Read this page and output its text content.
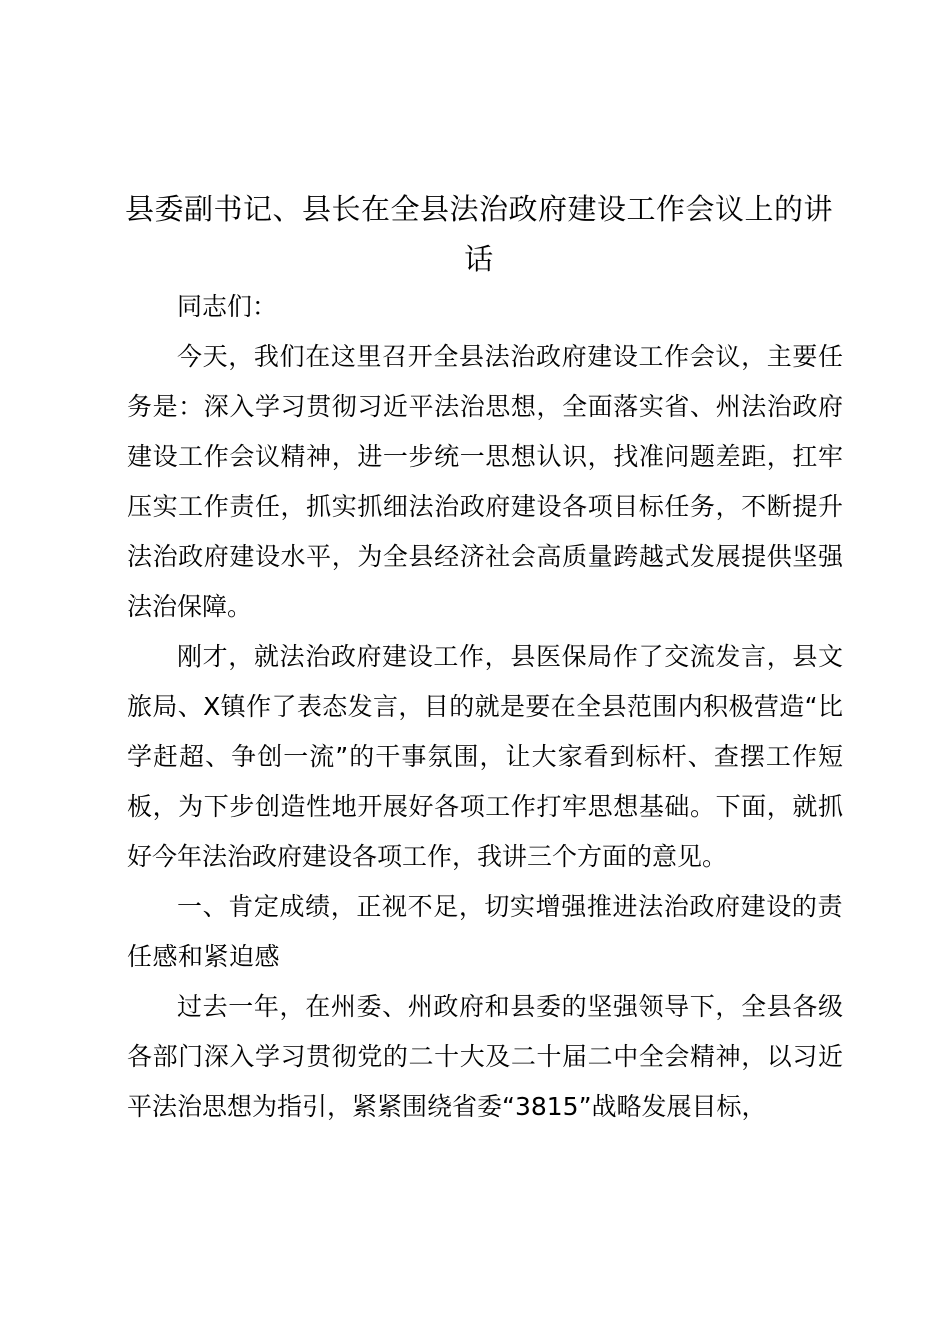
县委副书记、县长在全县法治政府建设工作会议上的讲话

同志们：

今天，我们在这里召开全县法治政府建设工作会议，主要任务是：深入学习贯彻习近平法治思想，全面落实省、州法治政府建设工作会议精神，进一步统一思想认识，找准问题差距，扛牢压实工作责任，抓实抓细法治政府建设各项目标任务，不断提升法治政府建设水平，为全县经济社会高质量跨越式发展提供坚强法治保障。

刚才，就法治政府建设工作，县医保局作了交流发言，县文旅局、X镇作了表态发言，目的就是要在全县范围内积极营造“比学赶超、争创一流”的干事氛围，让大家看到标杆、查摆工作短板，为下步创造性地开展好各项工作打牢思想基础。下面，就抓好今年法治政府建设各项工作，我讲三个方面的意见。

一、肯定成绩，正视不足，切实增强推进法治政府建设的责任感和紧迫感

过去一年，在州委、州政府和县委的坚强领导下，全县各级各部门深入学习贯彻党的二十大及二十届二中全会精神，以习近平法治思想为指引，紧紧围绕省委“3815”战略发展目标，
